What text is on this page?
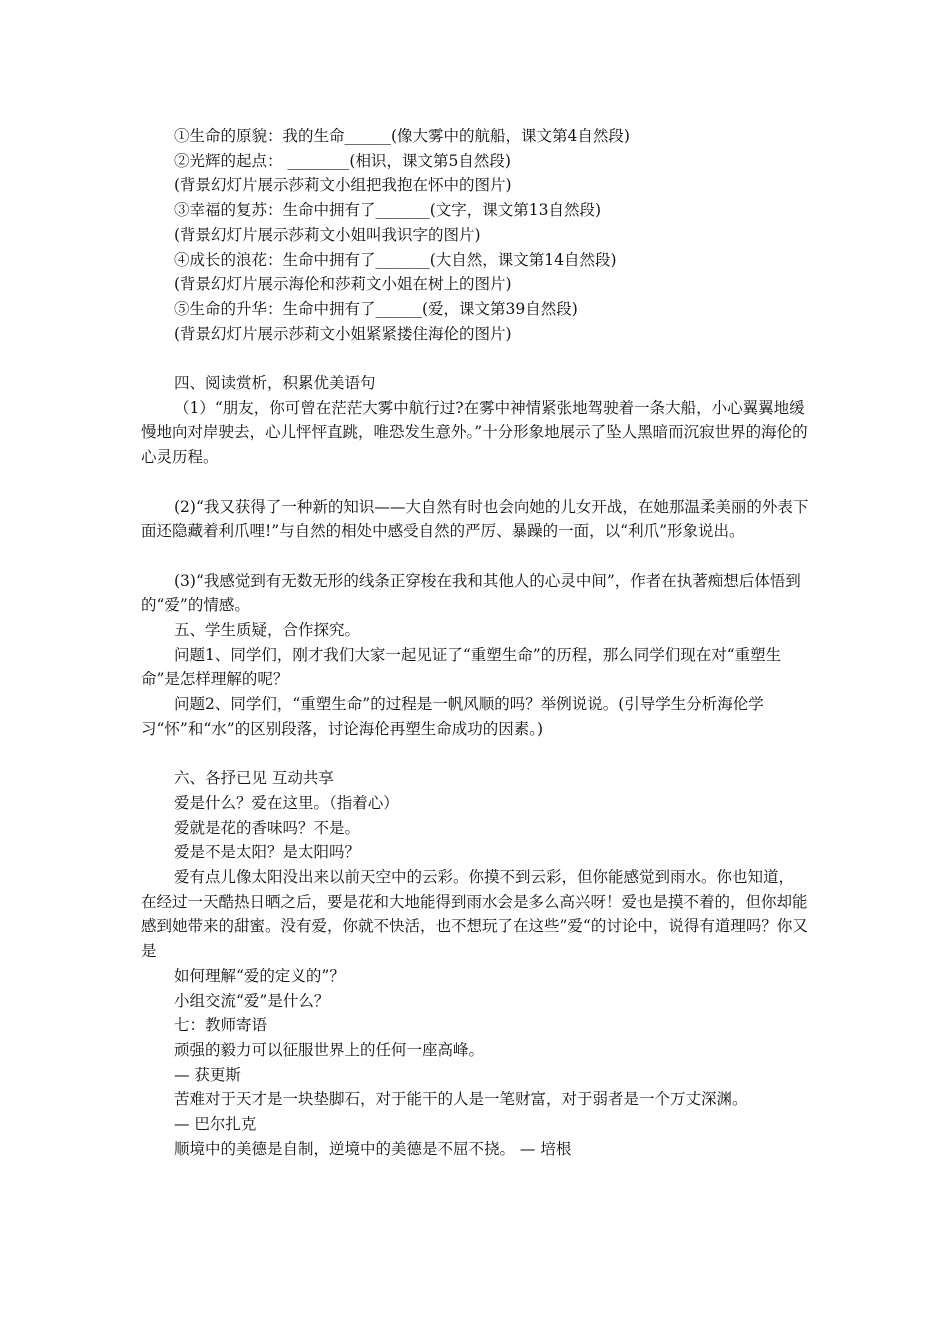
①生命的原貌：我的生命______(像大雾中的航船，课文第4自然段)

②光辉的起点： ________(相识，课文第5自然段)

(背景幻灯片展示莎莉文小组把我抱在怀中的图片)

③幸福的复苏：生命中拥有了_______(文字，课文第13自然段)

(背景幻灯片展示莎莉文小姐叫我识字的图片)

④成长的浪花：生命中拥有了_______(大自然，课文第14自然段)

(背景幻灯片展示海伦和莎莉文小姐在树上的图片)

⑤生命的升华：生命中拥有了______(爱，课文第39自然段)

(背景幻灯片展示莎莉文小姐紧紧搂住海伦的图片)

四、阅读赏析，积累优美语句

（1）“朋友，你可曾在茫茫大雾中航行过?在雾中神情紧张地驾驶着一条大船，小心翼翼地缓慢地向对岸驶去，心儿怦怦直跳，唯恐发生意外。”十分形象地展示了坠人黑暗而沉寂世界的海伦的心灵历程。

(2)“我又获得了一种新的知识——大自然有时也会向她的儿女开战，在她那温柔美丽的外表下面还隐藏着利爪哩!”与自然的相处中感受自然的严厉、暴躁的一面，以“利爪”形象说出。

(3)“我感觉到有无数无形的线条正穿梭在我和其他人的心灵中间”，作者在执著痴想后体悟到的“爱”的情感。

五、学生质疑，合作探究。

问题1、同学们，刚才我们大家一起见证了“重塑生命”的历程，那么同学们现在对“重塑生命”是怎样理解的呢？

问题2、同学们，“重塑生命”的过程是一帆风顺的吗？举例说说。(引导学生分析海伦学习“怀”和“水”的区别段落，讨论海伦再塑生命成功的因素。)

六、各抒已见 互动共享

爱是什么？爱在这里。（指着心）

爱就是花的香味吗？不是。

爱是不是太阳？是太阳吗？

爱有点儿像太阳没出来以前天空中的云彩。你摸不到云彩，但你能感觉到雨水。你也知道，在经过一天酷热日晒之后，要是花和大地能得到雨水会是多么高兴呀！爱也是摸不着的，但你却能感到她带来的甜蜜。没有爱，你就不快活，也不想玩了在这些”爱“的讨论中，说得有道理吗？你又是

如何理解“爱的定义的”？

小组交流“爱”是什么？

七：教师寄语

顽强的毅力可以征服世界上的任何一座高峰。

— 获更斯

苦难对于天才是一块垫脚石，对于能干的人是一笔财富，对于弱者是一个万丈深渊。

— 巴尔扎克

顺境中的美德是自制，逆境中的美德是不屈不挠。 — 培根
